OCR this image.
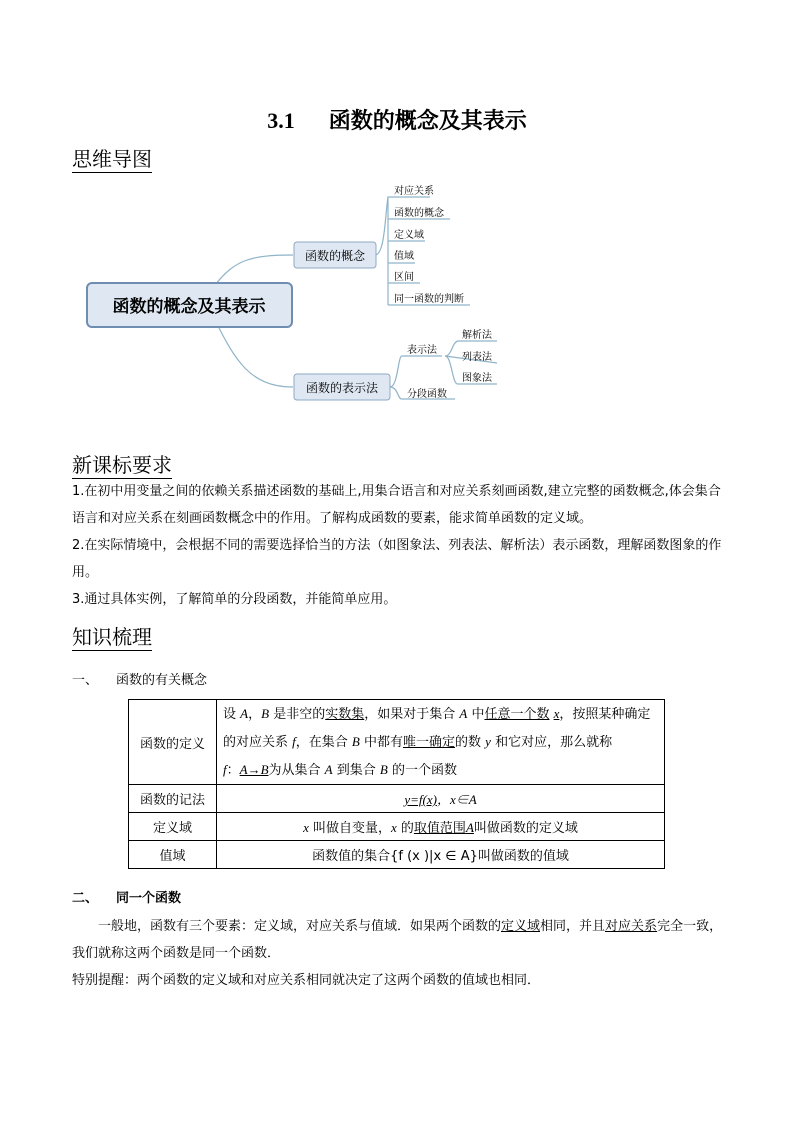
3.1 函数的概念及其表示
思维导图
函数的概念及其表示
函数的概念
对应关系
函数的概念
定义域
值域
区间
同一函数的判断
函数的表示法
表示法
分段函数
解析法
列表法
图象法
新课标要求
1.在初中用变量之间的依赖关系描述函数的基础上,用集合语言和对应关系刻画函数,建立完整的函数概念,体会集合语言和对应关系在刻画函数概念中的作用。了解构成函数的要素，能求简单函数的定义域。
2.在实际情境中，会根据不同的需要选择恰当的方法（如图象法、列表法、解析法）表示函数，理解函数图象的作用。
3.通过具体实例，了解简单的分段函数，并能简单应用。
知识梳理
一、 函数的有关概念
函数的定义	设 A，B 是非空的实数集，如果对于集合 A 中任意一个数 x，按照某种确定的对应关系 f，在集合 B 中都有唯一确定的数 y 和它对应，那么就称
f：A→B为从集合 A 到集合 B 的一个函数
函数的记法	y=f(x)，x∈A
定义域	x 叫做自变量，x 的取值范围A叫做函数的定义域
值域	函数值的集合{f (x )|x ∈ A}叫做函数的值域
二、 同一个函数
一般地，函数有三个要素：定义域，对应关系与值域．如果两个函数的定义域相同，并且对应关系完全一致，我们就称这两个函数是同一个函数．
特别提醒：两个函数的定义域和对应关系相同就决定了这两个函数的值域也相同．
